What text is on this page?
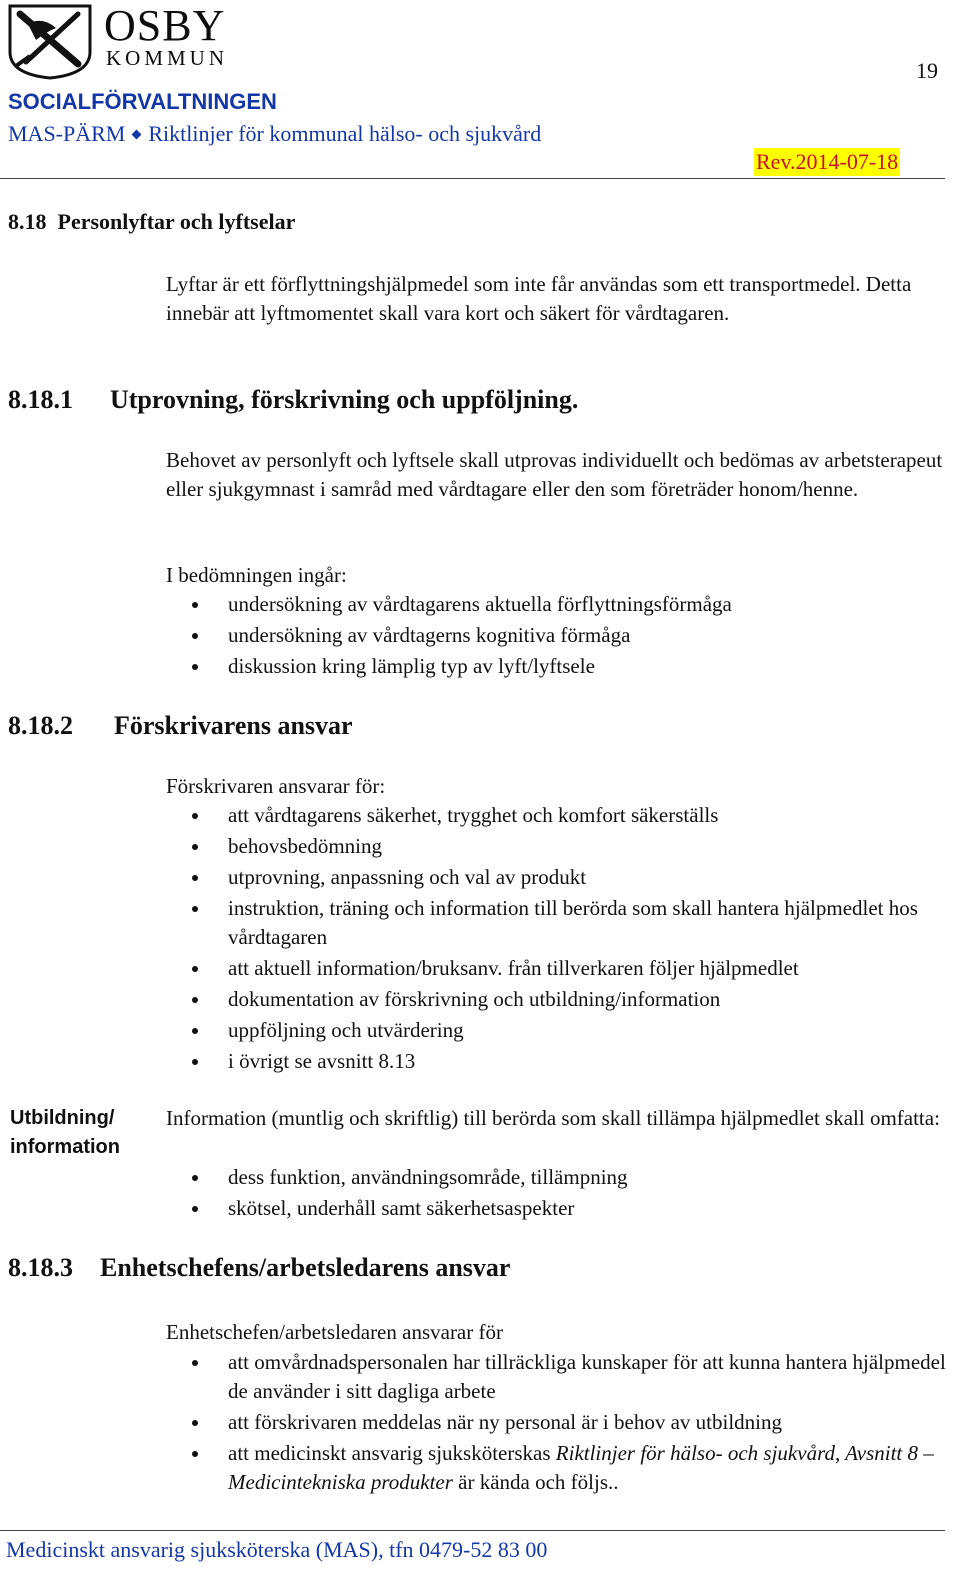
OSBY
KOMMUN	19
SOCIALFÖRVALTNINGEN
MAS-PÄRM Riktlinjer för kommunal hälso- och sjukvård
Rev.2014-07-18
8.18 Personlyftar och lyftselar
Lyftar är ett förflyttningshjälpmedel som inte får användas som ett transportmedel. Detta innebär att lyftmomentet skall vara kort och säkert för vårdtagaren.
8.18.1 Utprovning, förskrivning och uppföljning.
Behovet av personlyft och lyftsele skall utprovas individuellt och bedömas av arbetsterapeut eller sjukgymnast i samråd med vårdtagare eller den som företräder honom/henne.
I bedömningen ingår:
undersökning av vårdtagarens aktuella förflyttningsförmåga
undersökning av vårdtagerns kognitiva förmåga
diskussion kring lämplig typ av lyft/lyftsele
8.18.2 Förskrivarens ansvar
Förskrivaren ansvarar för:
att vårdtagarens säkerhet, trygghet och komfort säkerställs
behovsbedömning
utprovning, anpassning och val av produkt
instruktion, träning och information till berörda som skall hantera hjälpmedlet hos vårdtagaren
att aktuell information/bruksanv. från tillverkaren följer hjälpmedlet
dokumentation av förskrivning och utbildning/information
uppföljning och utvärdering
i övrigt se avsnitt 8.13
Utbildning/
information
Information (muntlig och skriftlig) till berörda som skall tillämpa hjälpmedlet skall omfatta:
dess funktion, användningsområde, tillämpning
skötsel, underhåll samt säkerhetsaspekter
8.18.3 Enhetschefens/arbetsledarens ansvar
Enhetschefen/arbetsledaren ansvarar för
att omvårdnadspersonalen har tillräckliga kunskaper för att kunna hantera hjälpmedel de använder i sitt dagliga arbete
att förskrivaren meddelas när ny personal är i behov av utbildning
att medicinskt ansvarig sjuksköterskas Riktlinjer för hälso- och sjukvård, Avsnitt 8 – Medicintekniska produkter är kända och följs..
Medicinskt ansvarig sjuksköterska (MAS), tfn 0479-52 83 00
